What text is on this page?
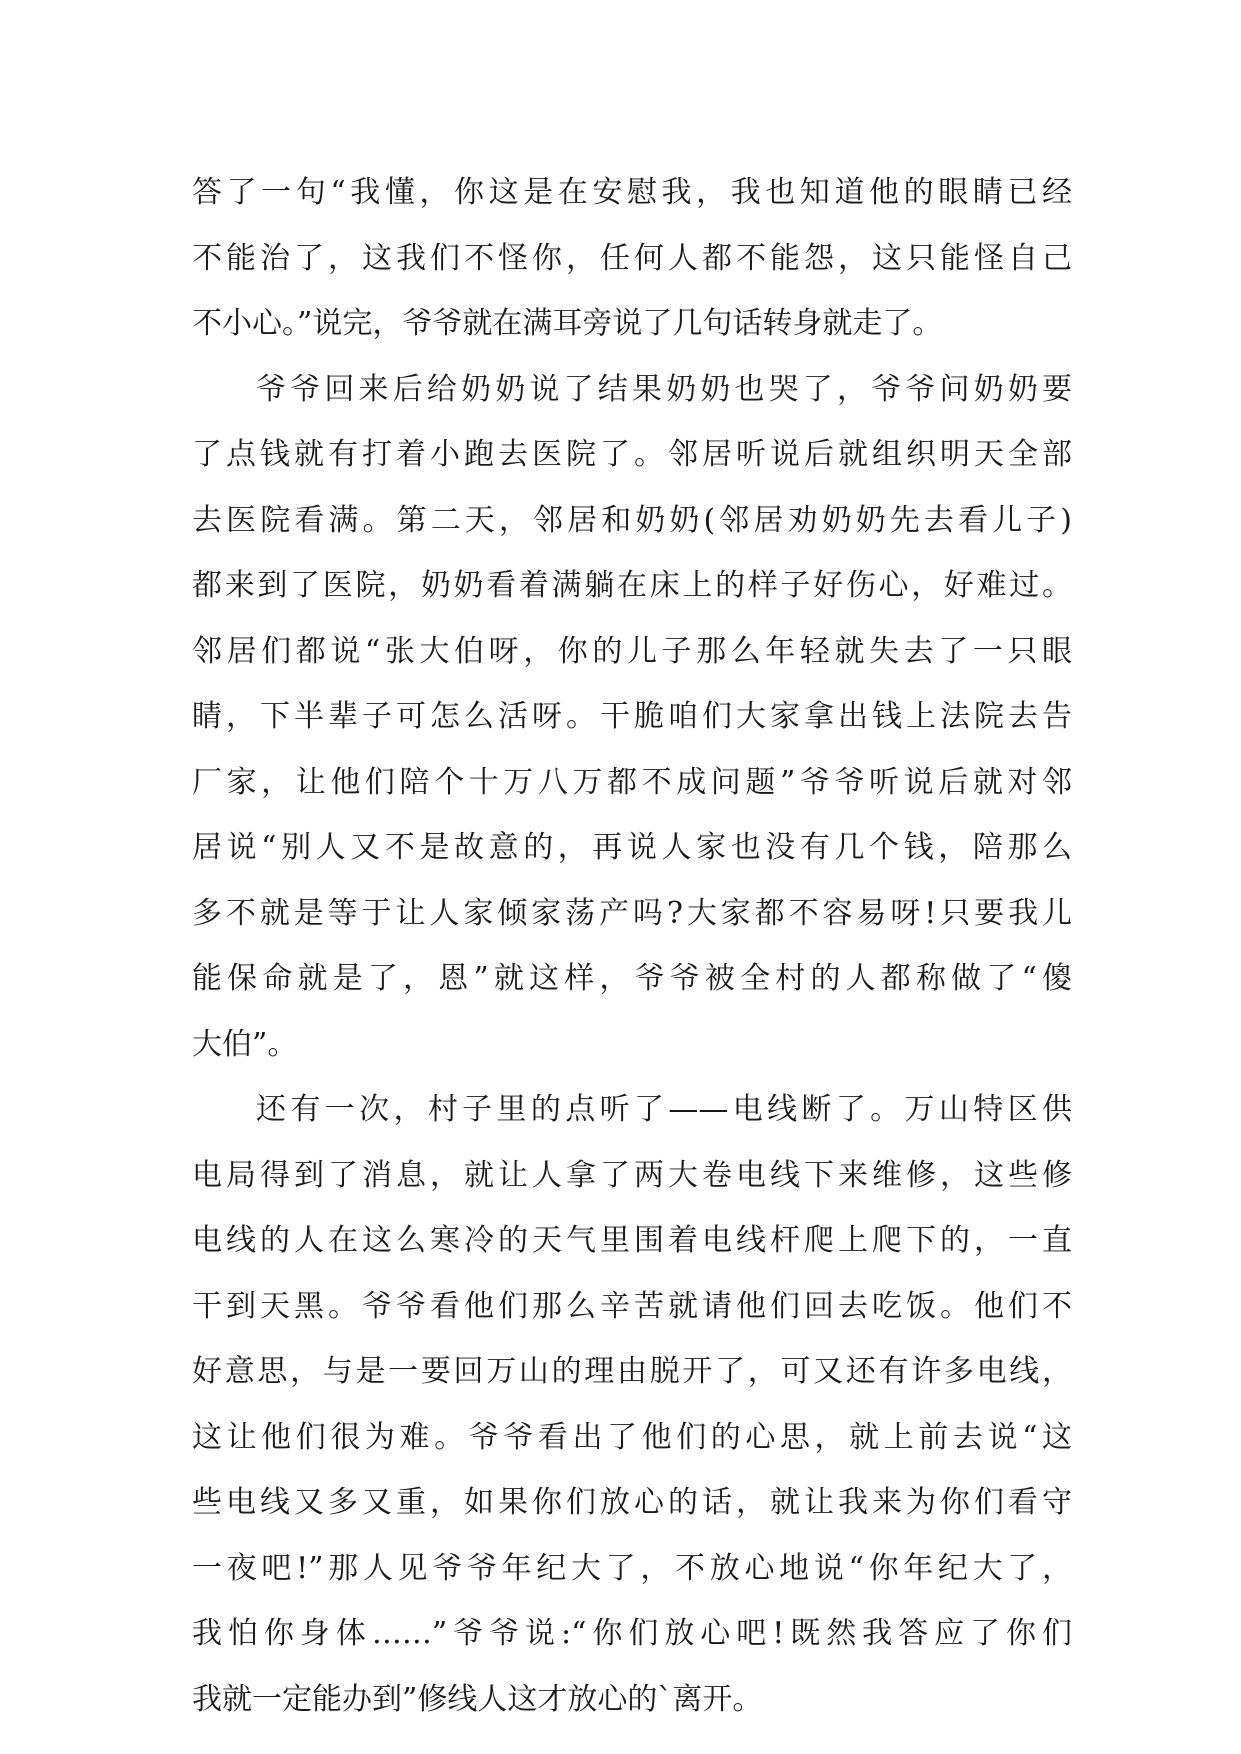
答了一句“我懂，你这是在安慰我，我也知道他的眼睛已经
不能治了，这我们不怪你，任何人都不能怨，这只能怪自己
不小心。”说完，爷爷就在满耳旁说了几句话转身就走了。
爷爷回来后给奶奶说了结果奶奶也哭了，爷爷问奶奶要
了点钱就有打着小跑去医院了。邻居听说后就组织明天全部
去医院看满。第二天，邻居和奶奶(邻居劝奶奶先去看儿子)
都来到了医院，奶奶看着满躺在床上的样子好伤心，好难过。
邻居们都说“张大伯呀，你的儿子那么年轻就失去了一只眼
睛，下半辈子可怎么活呀。干脆咱们大家拿出钱上法院去告
厂家，让他们陪个十万八万都不成问题”爷爷听说后就对邻
居说“别人又不是故意的，再说人家也没有几个钱，陪那么
多不就是等于让人家倾家荡产吗?大家都不容易呀!只要我儿
能保命就是了，恩”就这样，爷爷被全村的人都称做了“傻
大伯”。
还有一次，村子里的点听了——电线断了。万山特区供
电局得到了消息，就让人拿了两大卷电线下来维修，这些修
电线的人在这么寒冷的天气里围着电线杆爬上爬下的，一直
干到天黑。爷爷看他们那么辛苦就请他们回去吃饭。他们不
好意思，与是一要回万山的理由脱开了，可又还有许多电线，
这让他们很为难。爷爷看出了他们的心思，就上前去说“这
些电线又多又重，如果你们放心的话，就让我来为你们看守
一夜吧!”那人见爷爷年纪大了，不放心地说“你年纪大了，
我怕你身体……”爷爷说:“你们放心吧!既然我答应了你们
我就一定能办到”修线人这才放心的`离开。
